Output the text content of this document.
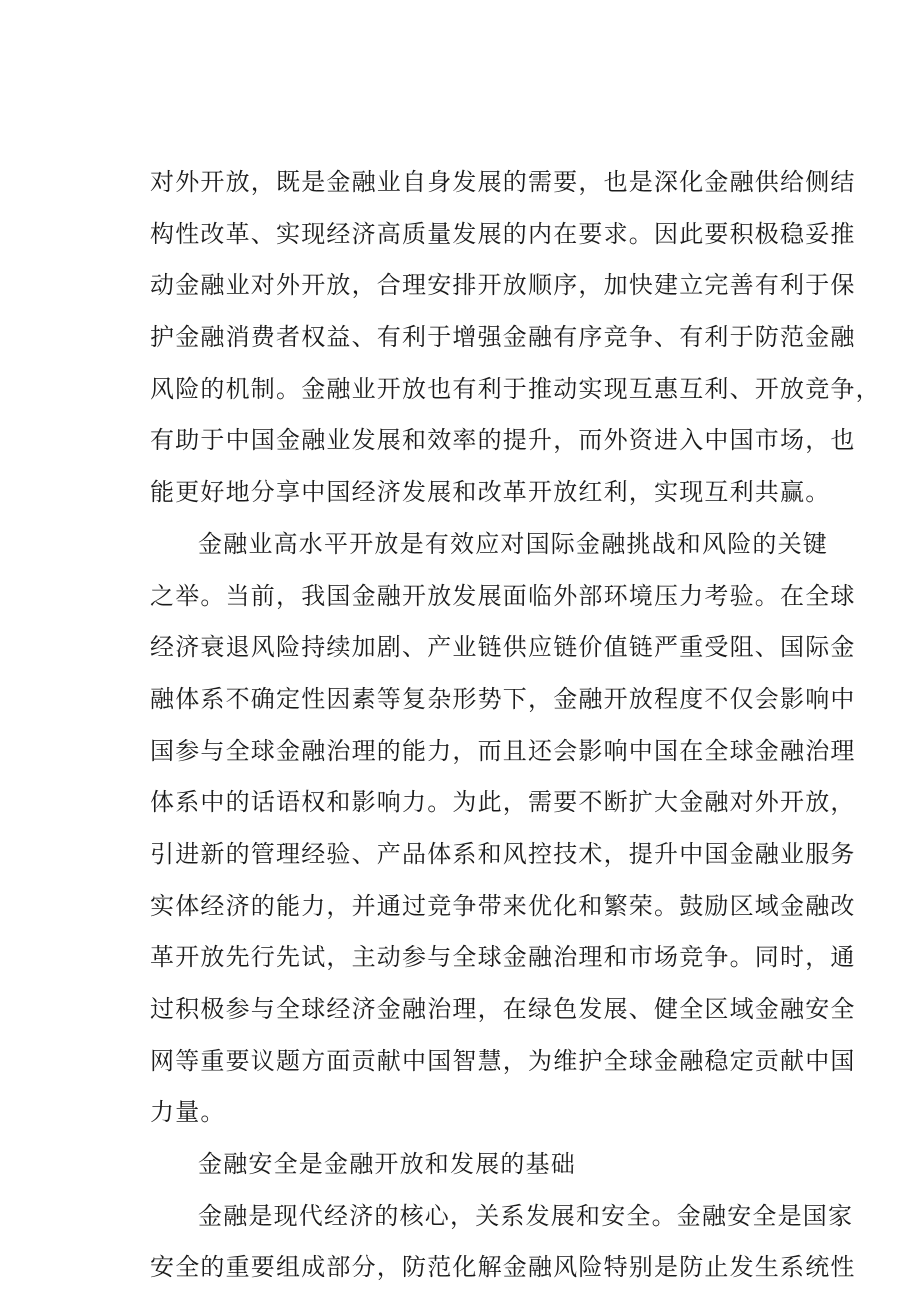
对外开放，既是金融业自身发展的需要，也是深化金融供给侧结
构性改革、实现经济高质量发展的内在要求。因此要积极稳妥推
动金融业对外开放，合理安排开放顺序，加快建立完善有利于保
护金融消费者权益、有利于增强金融有序竞争、有利于防范金融
风险的机制。金融业开放也有利于推动实现互惠互利、开放竞争，
有助于中国金融业发展和效率的提升，而外资进入中国市场，也
能更好地分享中国经济发展和改革开放红利，实现互利共赢。
金融业高水平开放是有效应对国际金融挑战和风险的关键
之举。当前，我国金融开放发展面临外部环境压力考验。在全球
经济衰退风险持续加剧、产业链供应链价值链严重受阻、国际金
融体系不确定性因素等复杂形势下，金融开放程度不仅会影响中
国参与全球金融治理的能力，而且还会影响中国在全球金融治理
体系中的话语权和影响力。为此，需要不断扩大金融对外开放，
引进新的管理经验、产品体系和风控技术，提升中国金融业服务
实体经济的能力，并通过竞争带来优化和繁荣。鼓励区域金融改
革开放先行先试，主动参与全球金融治理和市场竞争。同时，通
过积极参与全球经济金融治理，在绿色发展、健全区域金融安全
网等重要议题方面贡献中国智慧，为维护全球金融稳定贡献中国
力量。
金融安全是金融开放和发展的基础
金融是现代经济的核心，关系发展和安全。金融安全是国家
安全的重要组成部分，防范化解金融风险特别是防止发生系统性
